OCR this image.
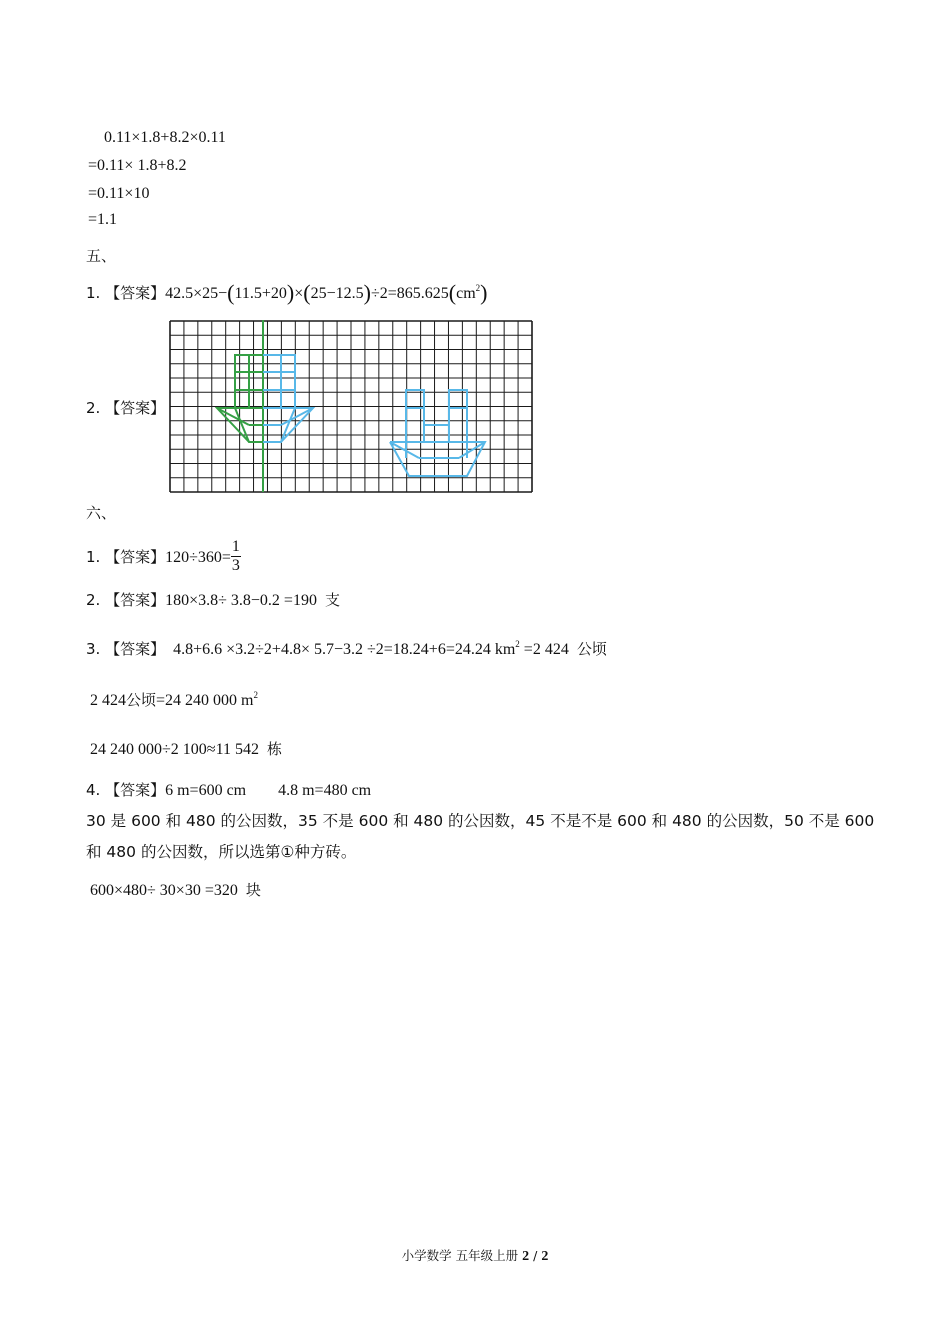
0.11×1.8+8.2×0.11
=0.11× 1.8+8.2
=0.11×10
=1.1
五、
1. 【答案】$42.5\times 25-(11.5+20)\times(25-12.5)\div 2=865.625(cm^2)$
2. 【答案】
六、
1. 【答案】$120\div 360= \frac{1}{3}$
2. 【答案】180×3.8÷ 3.8−0.2 =190 支
3. 【答案】 4.8+6.6 ×3.2÷2+4.8× 5.7−3.2 ÷2=18.24+6=24.24 $km^2 =2$ 424 公顷
2 424公顷=24 240 000 $m^2$
24 240 000÷2 100≈11 542 栋
4. 【答案】6 m=600 cm 4.8 m=480 cm
30 是 600 和 480 的公因数，35 不是 600 和 480 的公因数，45 不是不是 600 和 480 的公因数，50 不是 600 和 480 的公因数，所以选第①种方砖。
600×480÷ 30×30 =320 块
小学数学 五年级上册 2 / 2
